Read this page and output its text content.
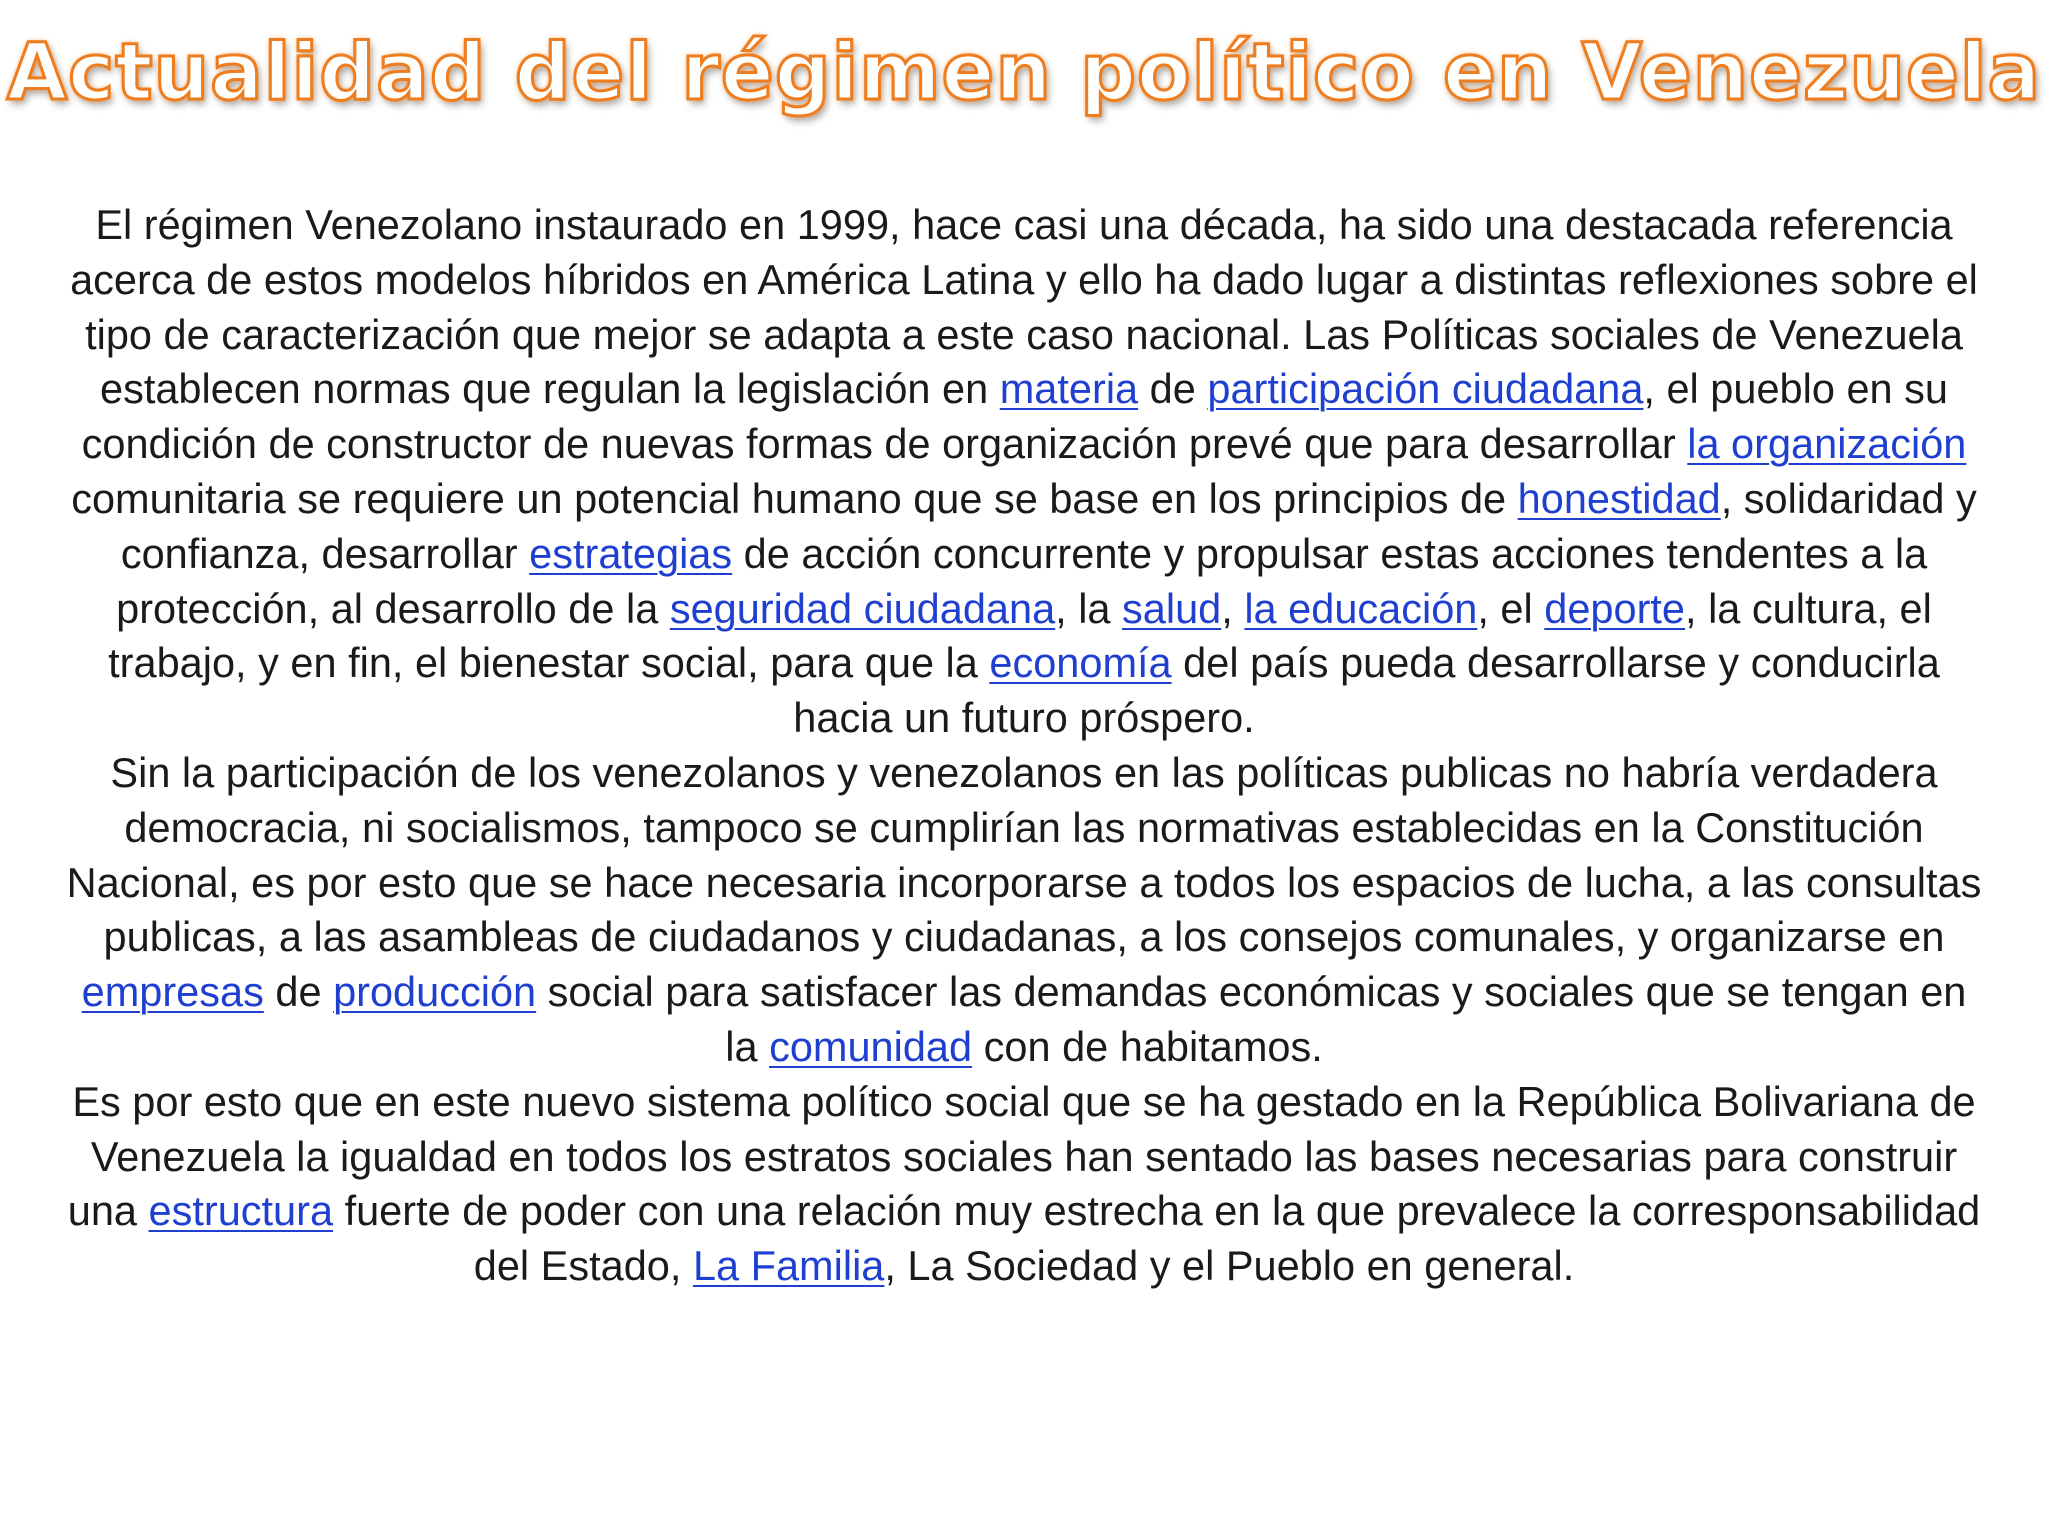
Actualidad del régimen político en Venezuela

El régimen Venezolano instaurado en 1999, hace casi una década, ha sido una destacada referencia acerca de estos modelos híbridos en América Latina y ello ha dado lugar a distintas reflexiones sobre el tipo de caracterización que mejor se adapta a este caso nacional. Las Políticas sociales de Venezuela establecen normas que regulan la legislación en materia de participación ciudadana, el pueblo en su condición de constructor de nuevas formas de organización prevé que para desarrollar la organización comunitaria se requiere un potencial humano que se base en los principios de honestidad, solidaridad y confianza, desarrollar estrategias de acción concurrente y propulsar estas acciones tendentes a la protección, al desarrollo de la seguridad ciudadana, la salud, la educación, el deporte, la cultura, el trabajo, y en fin, el bienestar social, para que la economía del país pueda desarrollarse y conducirla hacia un futuro próspero.

Sin la participación de los venezolanos y venezolanos en las políticas publicas no habría verdadera democracia, ni socialismos, tampoco se cumplirían las normativas establecidas en la Constitución Nacional, es por esto que se hace necesaria incorporarse a todos los espacios de lucha, a las consultas publicas, a las asambleas de ciudadanos y ciudadanas, a los consejos comunales, y organizarse en empresas de producción social para satisfacer las demandas económicas y sociales que se tengan en la comunidad con de habitamos.

Es por esto que en este nuevo sistema político social que se ha gestado en la República Bolivariana de Venezuela la igualdad en todos los estratos sociales han sentado las bases necesarias para construir una estructura fuerte de poder con una relación muy estrecha en la que prevalece la corresponsabilidad del Estado, La Familia, La Sociedad y el Pueblo en general.
